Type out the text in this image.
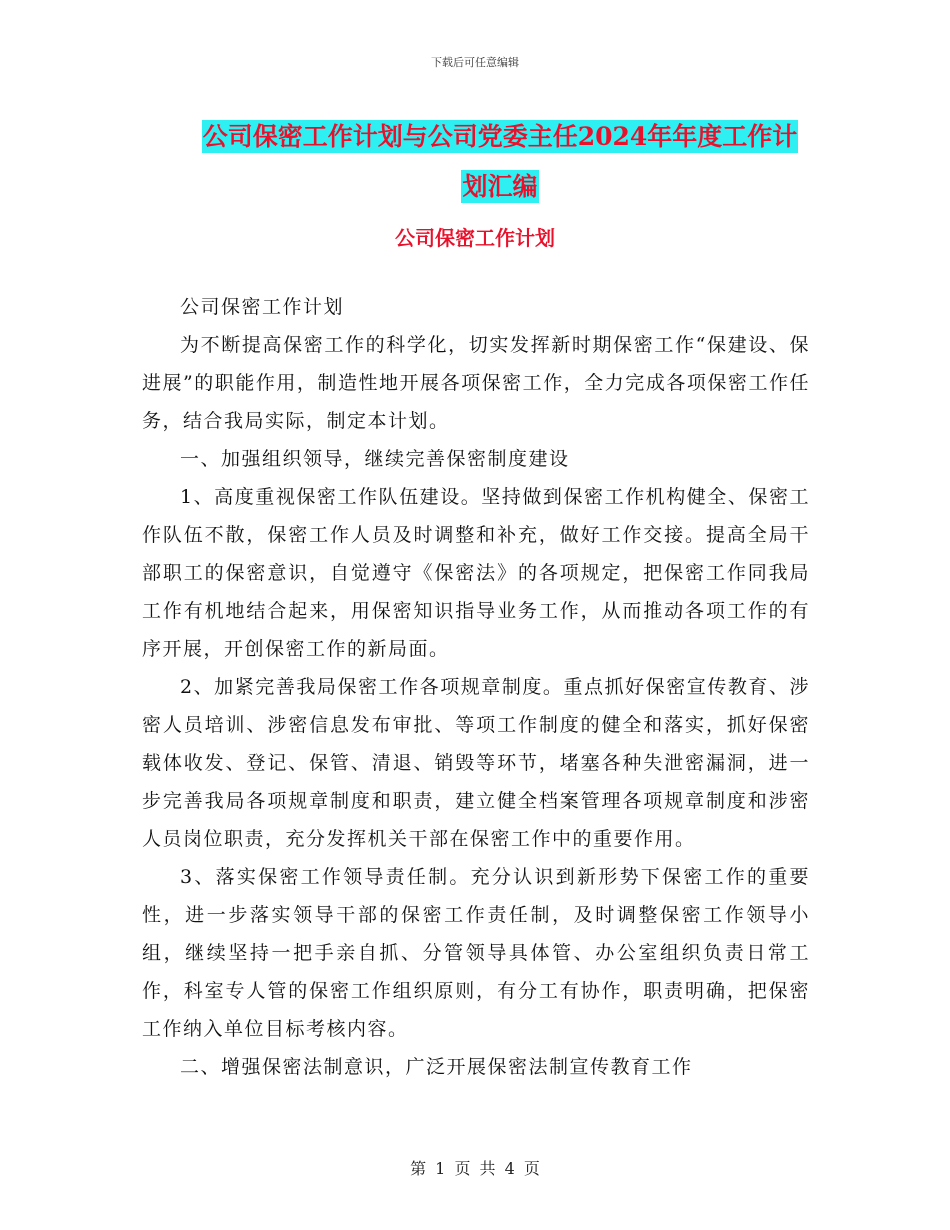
下载后可任意编辑
公司保密工作计划与公司党委主任2024年年度工作计
划汇编
公司保密工作计划

公司保密工作计划

为不断提高保密工作的科学化，切实发挥新时期保密工作“保建设、保进展”的职能作用，制造性地开展各项保密工作，全力完成各项保密工作任务，结合我局实际，制定本计划。

一、加强组织领导，继续完善保密制度建设

1、高度重视保密工作队伍建设。坚持做到保密工作机构健全、保密工作队伍不散，保密工作人员及时调整和补充，做好工作交接。提高全局干部职工的保密意识，自觉遵守《保密法》的各项规定，把保密工作同我局工作有机地结合起来，用保密知识指导业务工作，从而推动各项工作的有序开展，开创保密工作的新局面。

2、加紧完善我局保密工作各项规章制度。重点抓好保密宣传教育、涉密人员培训、涉密信息发布审批、等项工作制度的健全和落实，抓好保密载体收发、登记、保管、清退、销毁等环节，堵塞各种失泄密漏洞，进一步完善我局各项规章制度和职责，建立健全档案管理各项规章制度和涉密人员岗位职责，充分发挥机关干部在保密工作中的重要作用。

3、落实保密工作领导责任制。充分认识到新形势下保密工作的重要性，进一步落实领导干部的保密工作责任制，及时调整保密工作领导小组，继续坚持一把手亲自抓、分管领导具体管、办公室组织负责日常工作，科室专人管的保密工作组织原则，有分工有协作，职责明确，把保密工作纳入单位目标考核内容。

二、增强保密法制意识，广泛开展保密法制宣传教育工作

第 1 页 共 4 页
